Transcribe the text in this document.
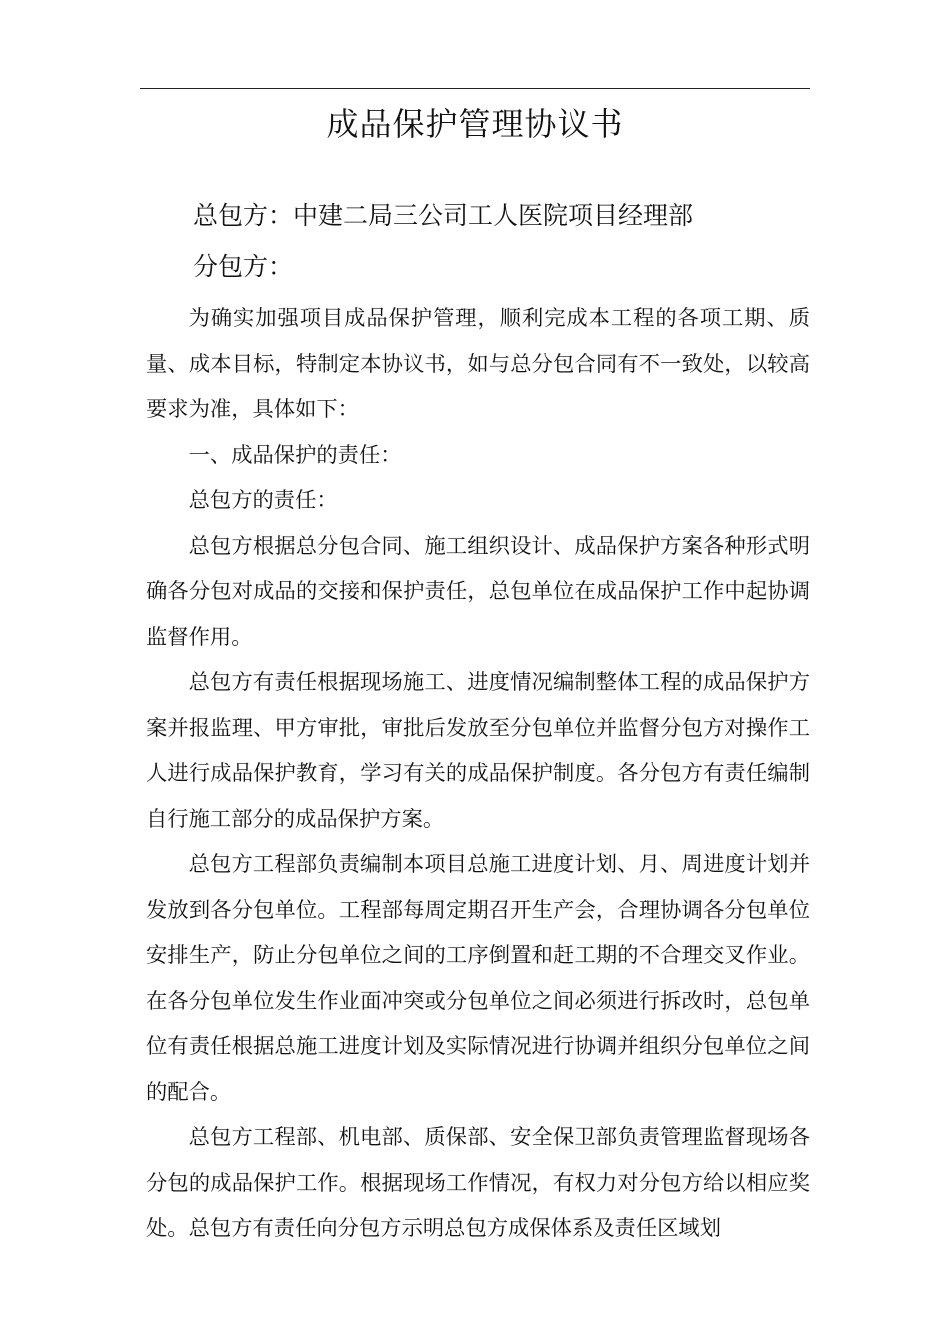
成品保护管理协议书
总包方：中建二局三公司工人医院项目经理部
分包方：

为确实加强项目成品保护管理，顺利完成本工程的各项工期、质量、成本目标，特制定本协议书，如与总分包合同有不一致处，以较高要求为准，具体如下：

一、成品保护的责任：

总包方的责任：

总包方根据总分包合同、施工组织设计、成品保护方案各种形式明确各分包对成品的交接和保护责任，总包单位在成品保护工作中起协调监督作用。

总包方有责任根据现场施工、进度情况编制整体工程的成品保护方案并报监理、甲方审批，审批后发放至分包单位并监督分包方对操作工人进行成品保护教育，学习有关的成品保护制度。各分包方有责任编制自行施工部分的成品保护方案。

总包方工程部负责编制本项目总施工进度计划、月、周进度计划并发放到各分包单位。工程部每周定期召开生产会，合理协调各分包单位安排生产，防止分包单位之间的工序倒置和赶工期的不合理交叉作业。在各分包单位发生作业面冲突或分包单位之间必须进行拆改时，总包单位有责任根据总施工进度计划及实际情况进行协调并组织分包单位之间的配合。

总包方工程部、机电部、质保部、安全保卫部负责管理监督现场各分包的成品保护工作。根据现场工作情况，有权力对分包方给以相应奖处。总包方有责任向分包方示明总包方成保体系及责任区域划
